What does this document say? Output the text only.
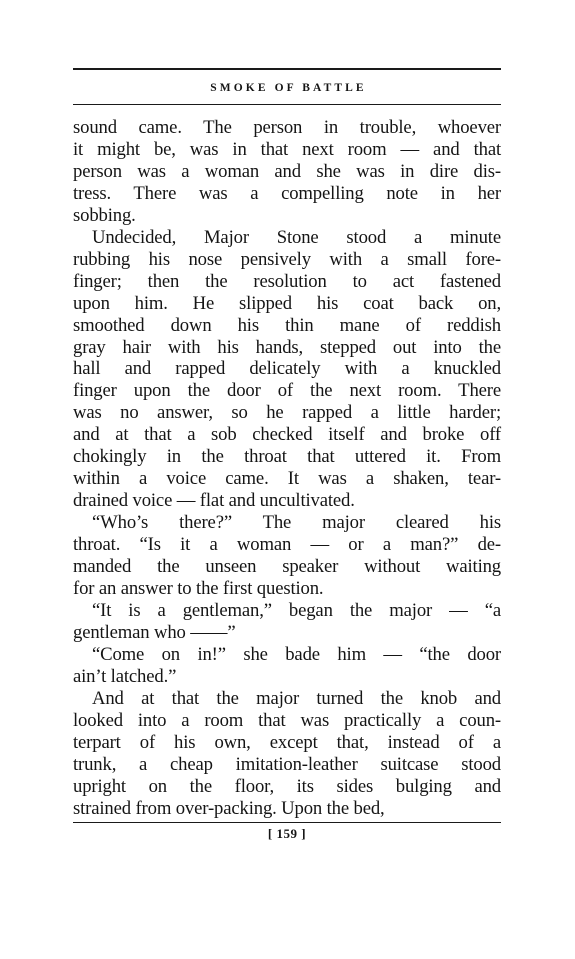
SMOKE OF BATTLE
sound came. The person in trouble, whoever
it might be, was in that next room — and that
person was a woman and she was in dire dis-
tress. There was a compelling note in her
sobbing.
Undecided, Major Stone stood a minute
rubbing his nose pensively with a small fore-
finger; then the resolution to act fastened
upon him. He slipped his coat back on,
smoothed down his thin mane of reddish
gray hair with his hands, stepped out into the
hall and rapped delicately with a knuckled
finger upon the door of the next room. There
was no answer, so he rapped a little harder;
and at that a sob checked itself and broke off
chokingly in the throat that uttered it. From
within a voice came. It was a shaken, tear-
drained voice — flat and uncultivated.
“Who’s there?” The major cleared his
throat. “Is it a woman — or a man?” de-
manded the unseen speaker without waiting
for an answer to the first question.
“It is a gentleman,” began the major — “a
gentleman who ——”
“Come on in!” she bade him — “the door
ain’t latched.”
And at that the major turned the knob and
looked into a room that was practically a coun-
terpart of his own, except that, instead of a
trunk, a cheap imitation-leather suitcase stood
upright on the floor, its sides bulging and
strained from over-packing. Upon the bed,
[ 159 ]
